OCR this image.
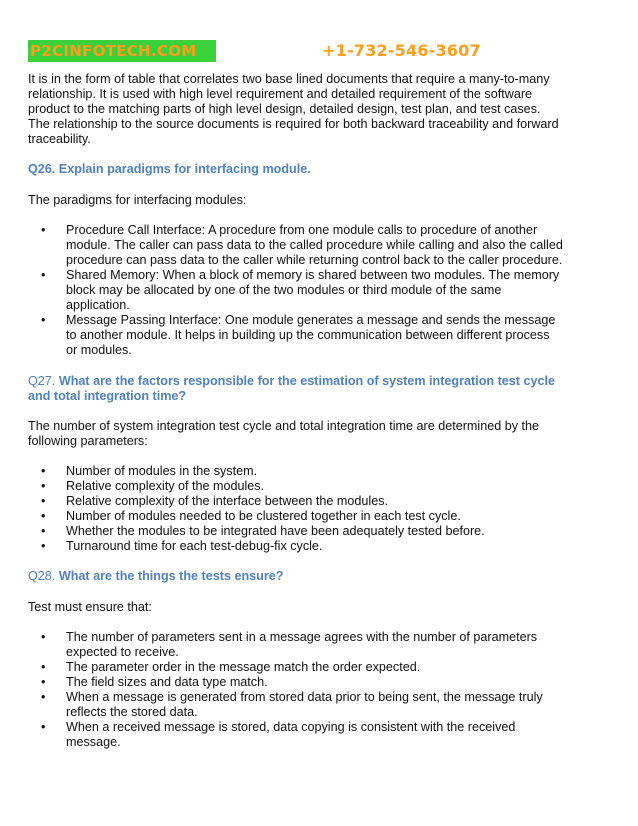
P2CINFOTECH.COM	+1-732-546-3607

It is in the form of table that correlates two base lined documents that require a many-to-many relationship. It is used with high level requirement and detailed requirement of the software product to the matching parts of high level design, detailed design, test plan, and test cases. The relationship to the source documents is required for both backward traceability and forward traceability.

Q26. Explain paradigms for interfacing module.

The paradigms for interfacing modules:

• Procedure Call Interface: A procedure from one module calls to procedure of another module. The caller can pass data to the called procedure while calling and also the called procedure can pass data to the caller while returning control back to the caller procedure.
• Shared Memory: When a block of memory is shared between two modules. The memory block may be allocated by one of the two modules or third module of the same application.
• Message Passing Interface: One module generates a message and sends the message to another module. It helps in building up the communication between different process or modules.

Q27. What are the factors responsible for the estimation of system integration test cycle and total integration time?

The number of system integration test cycle and total integration time are determined by the following parameters:

• Number of modules in the system.
• Relative complexity of the modules.
• Relative complexity of the interface between the modules.
• Number of modules needed to be clustered together in each test cycle.
• Whether the modules to be integrated have been adequately tested before.
• Turnaround time for each test-debug-fix cycle.

Q28. What are the things the tests ensure?

Test must ensure that:

• The number of parameters sent in a message agrees with the number of parameters expected to receive.
• The parameter order in the message match the order expected.
• The field sizes and data type match.
• When a message is generated from stored data prior to being sent, the message truly reflects the stored data.
• When a received message is stored, data copying is consistent with the received message.
